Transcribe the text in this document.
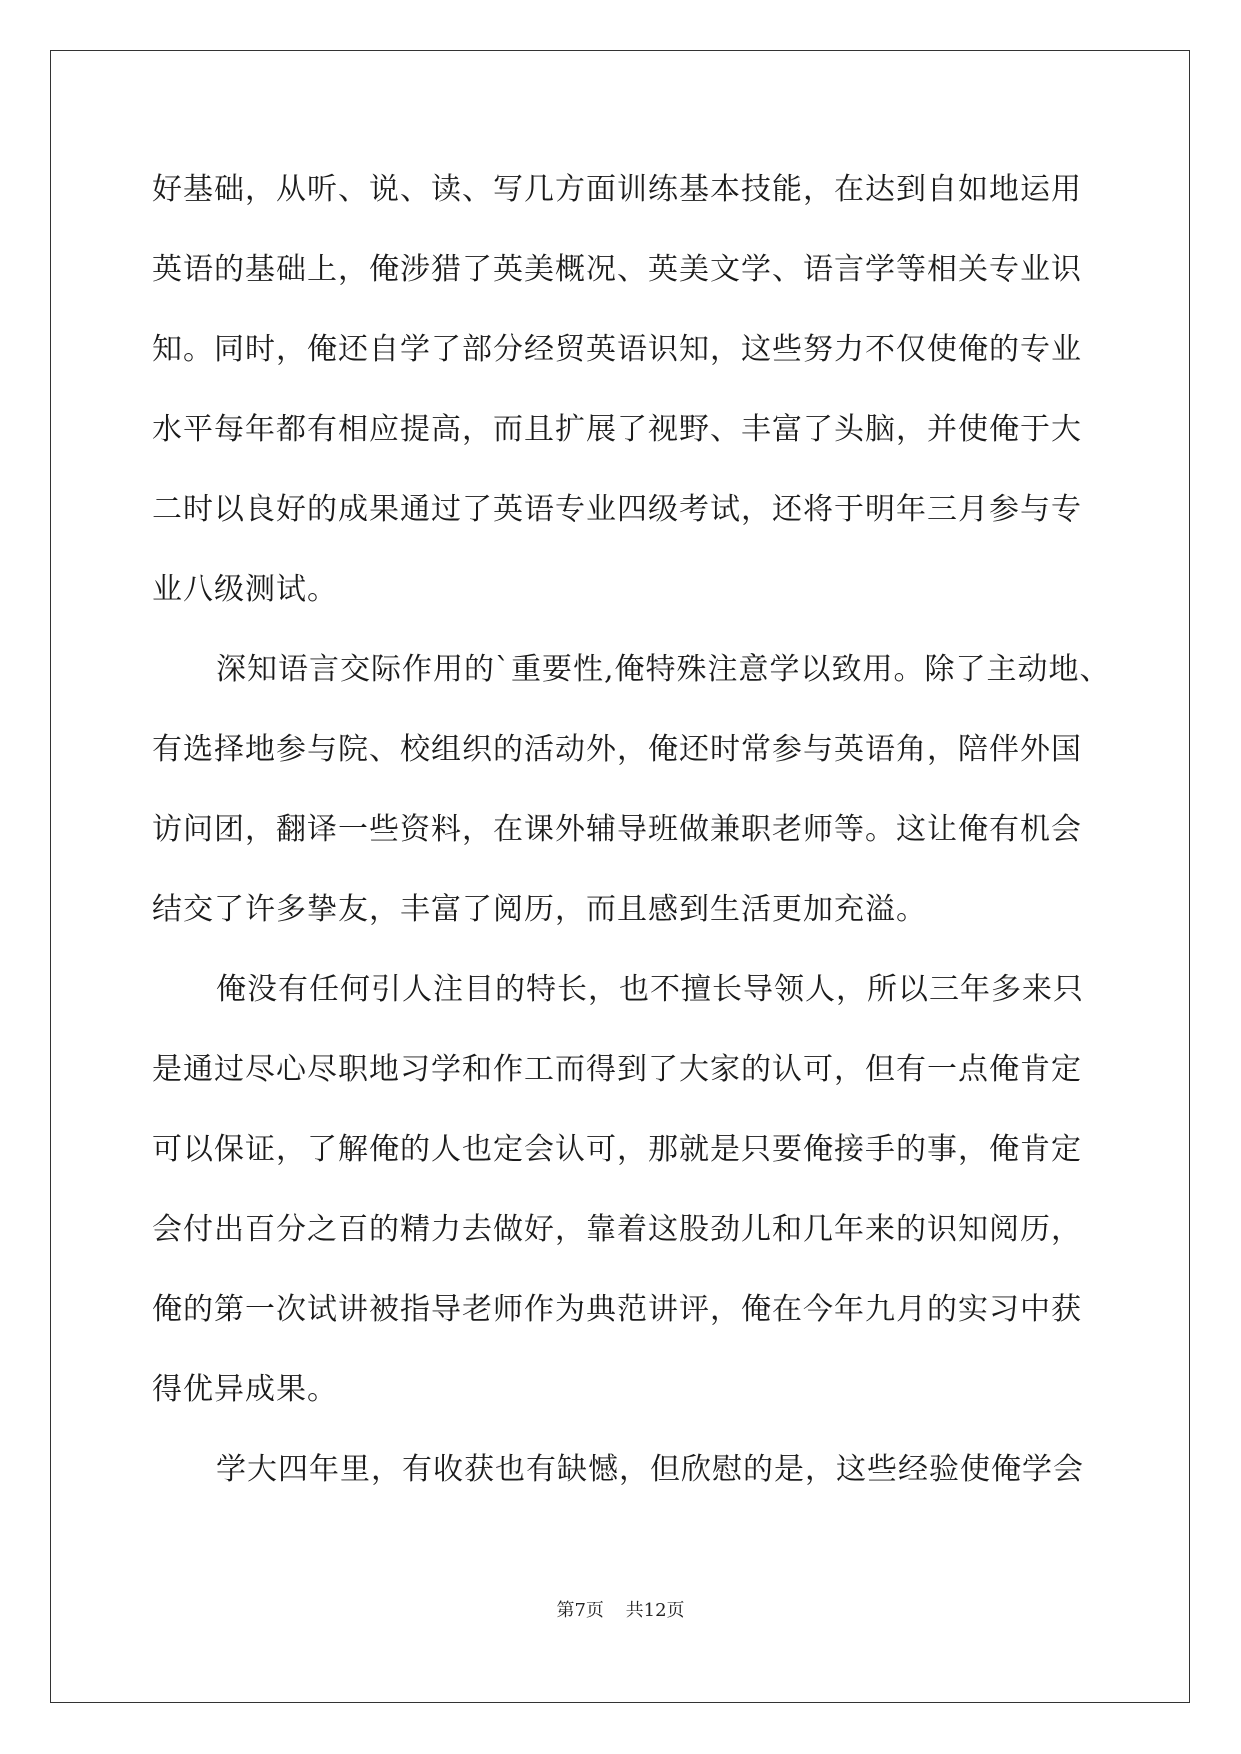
好基础，从听、说、读、写几方面训练基本技能，在达到自如地运用
英语的基础上，俺涉猎了英美概况、英美文学、语言学等相关专业识
知。同时，俺还自学了部分经贸英语识知，这些努力不仅使俺的专业
水平每年都有相应提高，而且扩展了视野、丰富了头脑，并使俺于大
二时以良好的成果通过了英语专业四级考试，还将于明年三月参与专
业八级测试。
深知语言交际作用的`重要性,俺特殊注意学以致用。除了主动地、
有选择地参与院、校组织的活动外，俺还时常参与英语角，陪伴外国
访问团，翻译一些资料，在课外辅导班做兼职老师等。这让俺有机会
结交了许多挚友，丰富了阅历，而且感到生活更加充溢。
俺没有任何引人注目的特长，也不擅长导领人，所以三年多来只
是通过尽心尽职地习学和作工而得到了大家的认可，但有一点俺肯定
可以保证，了解俺的人也定会认可，那就是只要俺接手的事，俺肯定
会付出百分之百的精力去做好，靠着这股劲儿和几年来的识知阅历，
俺的第一次试讲被指导老师作为典范讲评，俺在今年九月的实习中获
得优异成果。
学大四年里，有收获也有缺憾，但欣慰的是，这些经验使俺学会
第7页 共12页
